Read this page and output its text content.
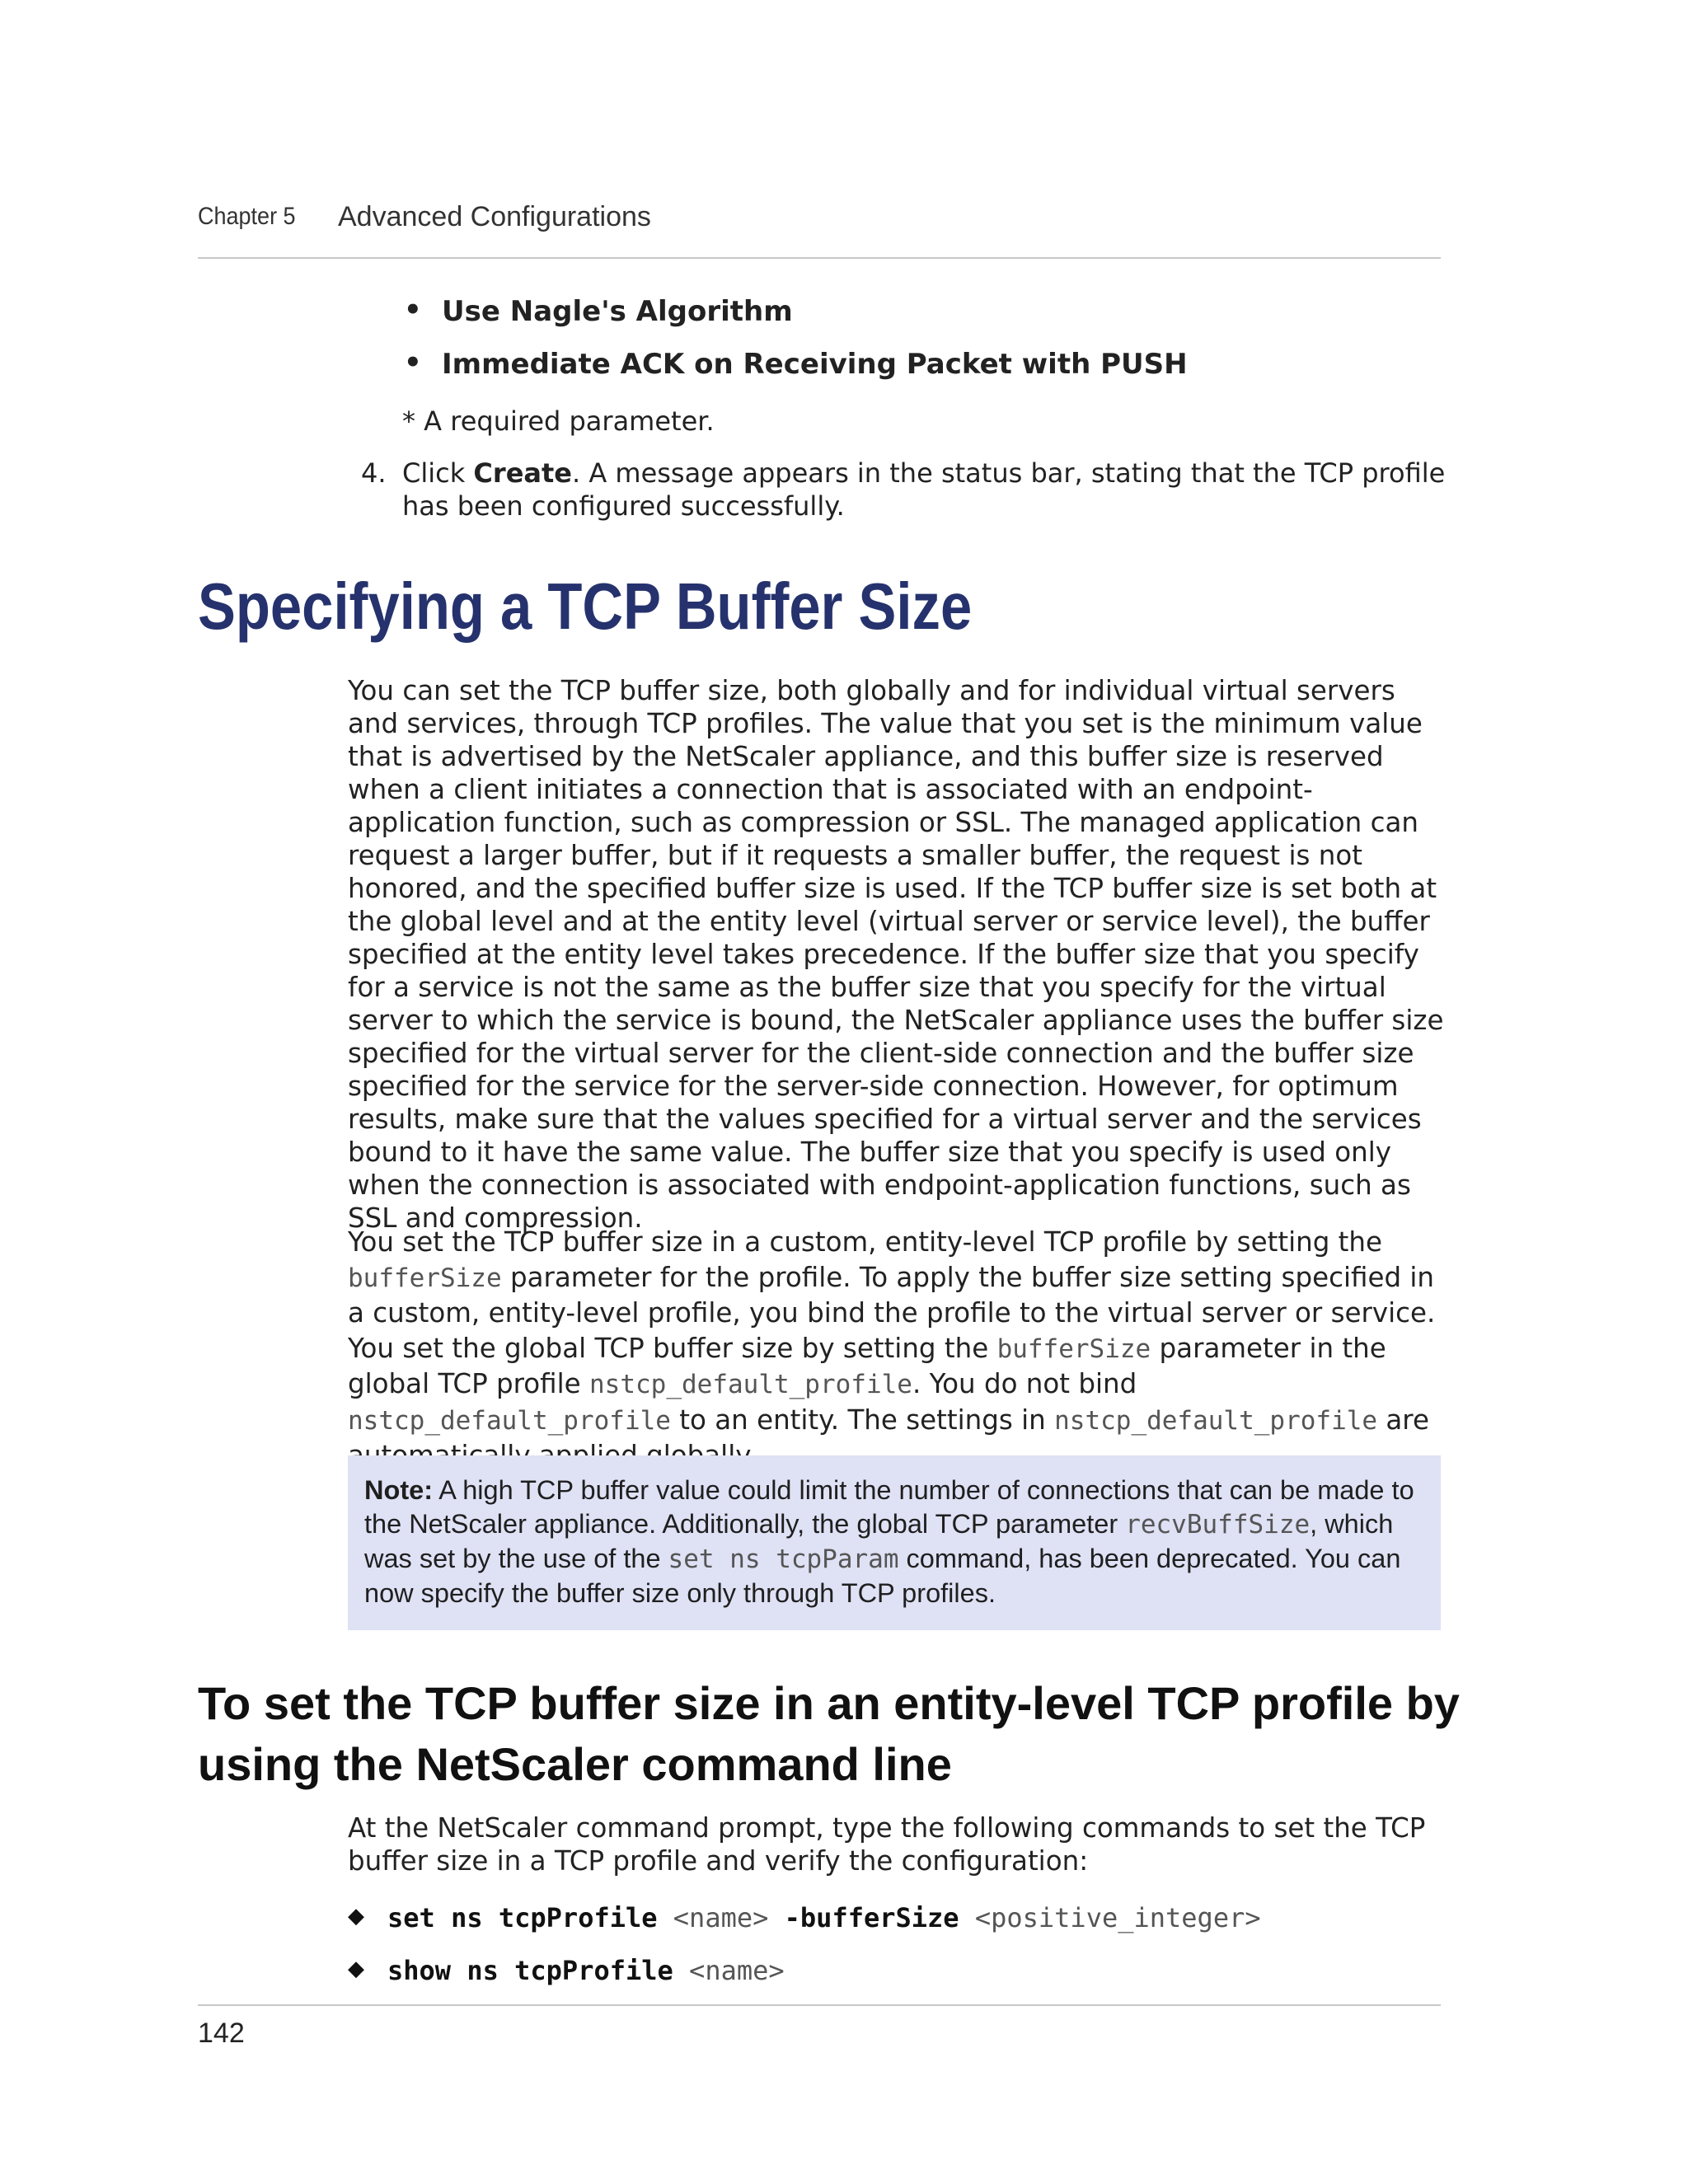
Chapter 5 Advanced Configurations
• Use Nagle's Algorithm
• Immediate ACK on Receiving Packet with PUSH
* A required parameter.
4. Click Create. A message appears in the status bar, stating that the TCP profile has been configured successfully.
Specifying a TCP Buffer Size

You can set the TCP buffer size, both globally and for individual virtual servers and services, through TCP profiles. The value that you set is the minimum value that is advertised by the NetScaler appliance, and this buffer size is reserved when a client initiates a connection that is associated with an endpoint-application function, such as compression or SSL. The managed application can request a larger buffer, but if it requests a smaller buffer, the request is not honored, and the specified buffer size is used. If the TCP buffer size is set both at the global level and at the entity level (virtual server or service level), the buffer specified at the entity level takes precedence. If the buffer size that you specify for a service is not the same as the buffer size that you specify for the virtual server to which the service is bound, the NetScaler appliance uses the buffer size specified for the virtual server for the client-side connection and the buffer size specified for the service for the server-side connection. However, for optimum results, make sure that the values specified for a virtual server and the services bound to it have the same value. The buffer size that you specify is used only when the connection is associated with endpoint-application functions, such as SSL and compression.

You set the TCP buffer size in a custom, entity-level TCP profile by setting the bufferSize parameter for the profile. To apply the buffer size setting specified in a custom, entity-level profile, you bind the profile to the virtual server or service. You set the global TCP buffer size by setting the bufferSize parameter in the global TCP profile nstcp_default_profile. You do not bind nstcp_default_profile to an entity. The settings in nstcp_default_profile are

Note: A high TCP buffer value could limit the number of connections that can be made to the NetScaler appliance. Additionally, the global TCP parameter recvBuffSize, which was set by the use of the set ns tcpParam command, has been deprecated. You can now specify the buffer size only through TCP profiles.
To set the TCP buffer size in an entity-level TCP profile by using the NetScaler command line

At the NetScaler command prompt, type the following commands to set the TCP buffer size in a TCP profile and verify the configuration:

◆ set ns tcpProfile <name> -bufferSize <positive_integer>
◆ show ns tcpProfile <name>
142
